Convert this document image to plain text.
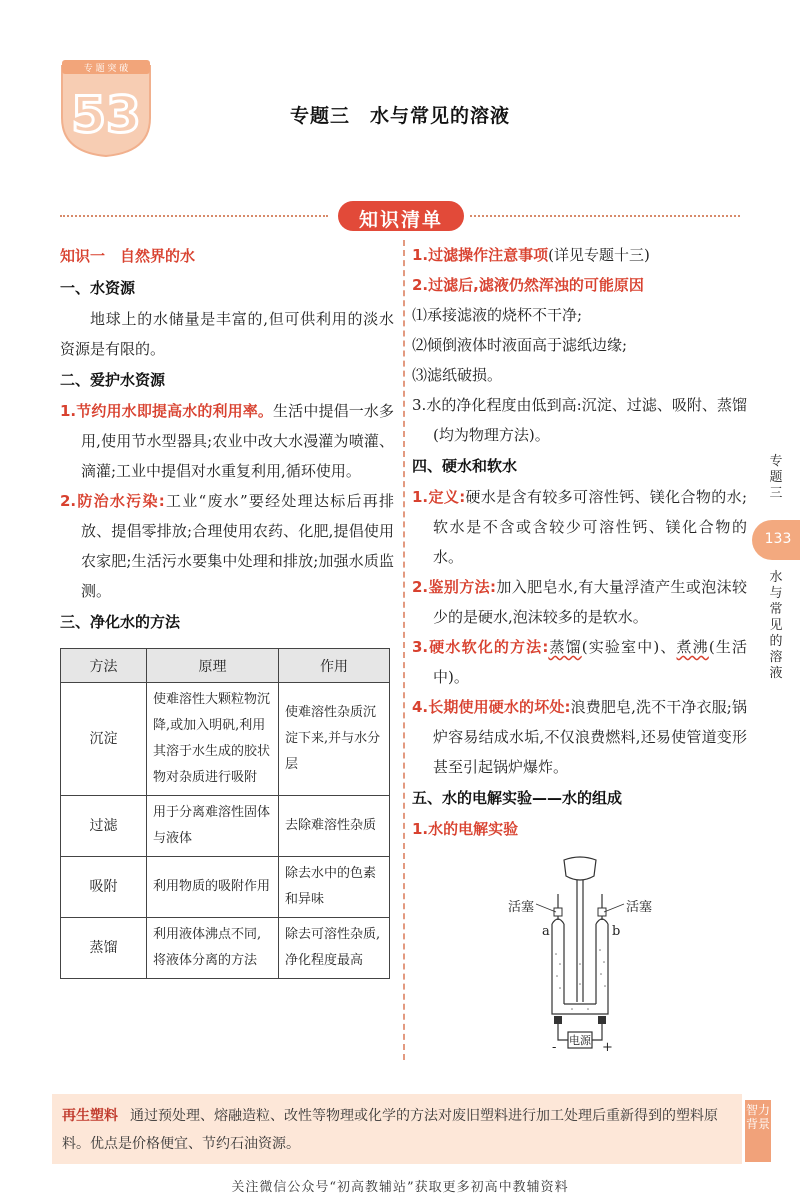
专 题 突 破
53	专题三　水与常见的溶液
知识清单
知识一　自然界的水
一、水资源
地球上的水储量是丰富的,但可供利用的淡水资源是有限的。
二、爱护水资源
1.节约用水即提高水的利用率。生活中提倡一水多用,使用节水型器具;农业中改大水漫灌为喷灌、滴灌;工业中提倡对水重复利用,循环使用。
2.防治水污染:工业“废水”要经处理达标后再排放、提倡零排放;合理使用农药、化肥,提倡使用农家肥;生活污水要集中处理和排放;加强水质监测。
三、净化水的方法
方法	原理	作用
沉淀	使难溶性大颗粒物沉降,或加入明矾,利用其溶于水生成的胶状物对杂质进行吸附	使难溶性杂质沉淀下来,并与水分层
过滤	用于分离难溶性固体与液体	去除难溶性杂质
吸附	利用物质的吸附作用	除去水中的色素和异味
蒸馏	利用液体沸点不同,将液体分离的方法	除去可溶性杂质,净化程度最高
1.过滤操作注意事项(详见专题十三)
2.过滤后,滤液仍然浑浊的可能原因
⑴承接滤液的烧杯不干净;
⑵倾倒液体时液面高于滤纸边缘;
⑶滤纸破损。
3.水的净化程度由低到高:沉淀、过滤、吸附、蒸馏(均为物理方法)。
四、硬水和软水
1.定义:硬水是含有较多可溶性钙、镁化合物的水;软水是不含或含较少可溶性钙、镁化合物的水。
2.鉴别方法:加入肥皂水,有大量浮渣产生或泡沫较少的是硬水,泡沫较多的是软水。
3.硬水软化的方法:蒸馏(实验室中)、煮沸(生活中)。
4.长期使用硬水的坏处:浪费肥皂,洗不干净衣服;锅炉容易结成水垢,不仅浪费燃料,还易使管道变形甚至引起锅炉爆炸。
五、水的电解实验——水的组成
1.水的电解实验
活塞	活塞
a	b
电源
-	+
专题三
133
水与常见的溶液
再生塑料 通过预处理、熔融造粒、改性等物理或化学的方法对废旧塑料进行加工处理后重新得到的塑料原料。优点是价格便宜、节约石油资源。
智力背景
关注微信公众号“初高教辅站”获取更多初高中教辅资料
